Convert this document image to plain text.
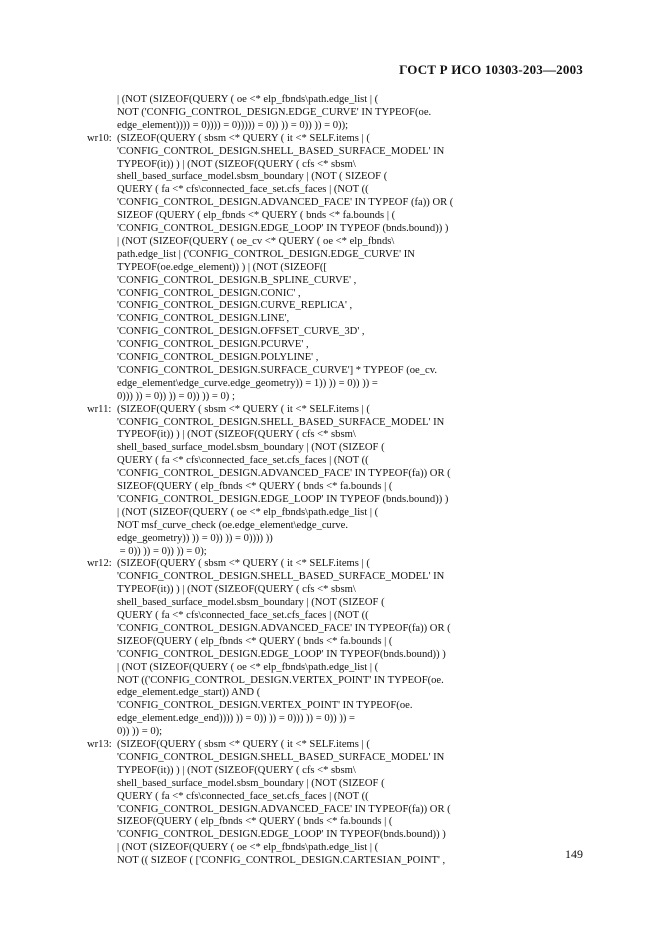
ГОСТ Р ИСО 10303-203—2003
| (NOT (SIZEOF(QUERY ( oe <* elp_fbnds\path.edge_list | (
NOT ('CONFIG_CONTROL_DESIGN.EDGE_CURVE' IN TYPEOF(oe.
edge_element)))) = 0)))) = 0))))) = 0)) )) = 0)) )) = 0));
wr10: (SIZEOF(QUERY ( sbsm <* QUERY ( it <* SELF.items | (
'CONFIG_CONTROL_DESIGN.SHELL_BASED_SURFACE_MODEL' IN
TYPEOF(it)) ) | (NOT (SIZEOF(QUERY ( cfs <* sbsm\
shell_based_surface_model.sbsm_boundary | (NOT ( SIZEOF (
QUERY ( fa <* cfs\connected_face_set.cfs_faces | (NOT ((
'CONFIG_CONTROL_DESIGN.ADVANCED_FACE' IN TYPEOF (fa)) OR (
SIZEOF (QUERY ( elp_fbnds <* QUERY ( bnds <* fa.bounds | (
'CONFIG_CONTROL_DESIGN.EDGE_LOOP' IN TYPEOF (bnds.bound)) )
| (NOT (SIZEOF(QUERY ( oe_cv <* QUERY ( oe <* elp_fbnds\
path.edge_list | ('CONFIG_CONTROL_DESIGN.EDGE_CURVE' IN
TYPEOF(oe.edge_element)) ) | (NOT (SIZEOF([
'CONFIG_CONTROL_DESIGN.B_SPLINE_CURVE' ,
'CONFIG_CONTROL_DESIGN.CONIC' ,
'CONFIG_CONTROL_DESIGN.CURVE_REPLICA' ,
'CONFIG_CONTROL_DESIGN.LINE',
'CONFIG_CONTROL_DESIGN.OFFSET_CURVE_3D' ,
'CONFIG_CONTROL_DESIGN.PCURVE' ,
'CONFIG_CONTROL_DESIGN.POLYLINE' ,
'CONFIG_CONTROL_DESIGN.SURFACE_CURVE'] * TYPEOF (oe_cv.
edge_element\edge_curve.edge_geometry)) = 1)) )) = 0)) )) =
0))) )) = 0)) )) = 0)) )) = 0) ;
wr11: (SIZEOF(QUERY ( sbsm <* QUERY ( it <* SELF.items | (
'CONFIG_CONTROL_DESIGN.SHELL_BASED_SURFACE_MODEL' IN
TYPEOF(it)) ) | (NOT (SIZEOF(QUERY ( cfs <* sbsm\
shell_based_surface_model.sbsm_boundary | (NOT (SIZEOF (
QUERY ( fa <* cfs\connected_face_set.cfs_faces | (NOT ((
'CONFIG_CONTROL_DESIGN.ADVANCED_FACE' IN TYPEOF(fa)) OR (
SIZEOF(QUERY ( elp_fbnds <* QUERY ( bnds <* fa.bounds | (
'CONFIG_CONTROL_DESIGN.EDGE_LOOP' IN TYPEOF (bnds.bound)) )
| (NOT (SIZEOF(QUERY ( oe <* elp_fbnds\path.edge_list | (
NOT msf_curve_check (oe.edge_element\edge_curve.
edge_geometry)) )) = 0)) )) = 0)))) ))
= 0)) )) = 0)) )) = 0);
wr12: (SIZEOF(QUERY ( sbsm <* QUERY ( it <* SELF.items | (
'CONFIG_CONTROL_DESIGN.SHELL_BASED_SURFACE_MODEL' IN
TYPEOF(it)) ) | (NOT (SIZEOF(QUERY ( cfs <* sbsm\
shell_based_surface_model.sbsm_boundary | (NOT (SIZEOF (
QUERY ( fa <* cfs\connected_face_set.cfs_faces | (NOT ((
'CONFIG_CONTROL_DESIGN.ADVANCED_FACE' IN TYPEOF(fa)) OR (
SIZEOF(QUERY ( elp_fbnds <* QUERY ( bnds <* fa.bounds | (
'CONFIG_CONTROL_DESIGN.EDGE_LOOP' IN TYPEOF(bnds.bound)) )
| (NOT (SIZEOF(QUERY ( oe <* elp_fbnds\path.edge_list | (
NOT (('CONFIG_CONTROL_DESIGN.VERTEX_POINT' IN TYPEOF(oe.
edge_element.edge_start)) AND (
'CONFIG_CONTROL_DESIGN.VERTEX_POINT' IN TYPEOF(oe.
edge_element.edge_end)))) )) = 0)) )) = 0))) )) = 0)) )) =
0)) )) = 0);
wr13: (SIZEOF(QUERY ( sbsm <* QUERY ( it <* SELF.items | (
'CONFIG_CONTROL_DESIGN.SHELL_BASED_SURFACE_MODEL' IN
TYPEOF(it)) ) | (NOT (SIZEOF(QUERY ( cfs <* sbsm\
shell_based_surface_model.sbsm_boundary | (NOT (SIZEOF (
QUERY ( fa <* cfs\connected_face_set.cfs_faces | (NOT ((
'CONFIG_CONTROL_DESIGN.ADVANCED_FACE' IN TYPEOF(fa)) OR (
SIZEOF(QUERY ( elp_fbnds <* QUERY ( bnds <* fa.bounds | (
'CONFIG_CONTROL_DESIGN.EDGE_LOOP' IN TYPEOF(bnds.bound)) )
| (NOT (SIZEOF(QUERY ( oe <* elp_fbnds\path.edge_list | (
NOT (( SIZEOF ( ['CONFIG_CONTROL_DESIGN.CARTESIAN_POINT' ,	149
